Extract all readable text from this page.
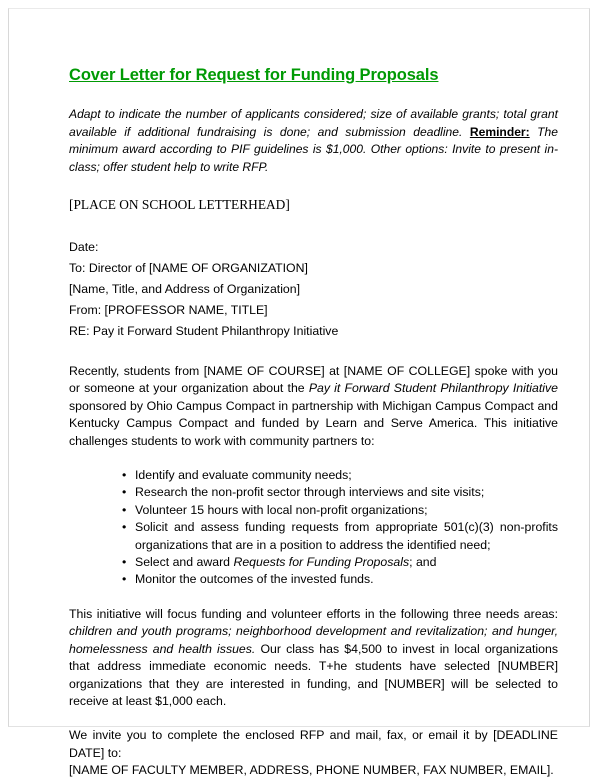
Cover Letter for Request for Funding Proposals

Adapt to indicate the number of applicants considered; size of available grants; total grant available if additional fundraising is done; and submission deadline. Reminder: The minimum award according to PIF guidelines is $1,000. Other options: Invite to present in-class; offer student help to write RFP.

[PLACE ON SCHOOL LETTERHEAD]

Date:

To: Director of [NAME OF ORGANIZATION]

[Name, Title, and Address of Organization]

From: [PROFESSOR NAME, TITLE]

RE: Pay it Forward Student Philanthropy Initiative

Recently, students from [NAME OF COURSE] at [NAME OF COLLEGE] spoke with you or someone at your organization about the Pay it Forward Student Philanthropy Initiative sponsored by Ohio Campus Compact in partnership with Michigan Campus Compact and Kentucky Campus Compact and funded by Learn and Serve America. This initiative challenges students to work with community partners to:

• Identify and evaluate community needs;
• Research the non-profit sector through interviews and site visits;
• Volunteer 15 hours with local non-profit organizations;
• Solicit and assess funding requests from appropriate 501(c)(3) non-profits organizations that are in a position to address the identified need;
• Select and award Requests for Funding Proposals; and
• Monitor the outcomes of the invested funds.

This initiative will focus funding and volunteer efforts in the following three needs areas: children and youth programs; neighborhood development and revitalization; and hunger, homelessness and health issues. Our class has $4,500 to invest in local organizations that address immediate economic needs. T+he students have selected [NUMBER] organizations that they are interested in funding, and [NUMBER] will be selected to receive at least $1,000 each.

We invite you to complete the enclosed RFP and mail, fax, or email it by [DEADLINE DATE] to:
[NAME OF FACULTY MEMBER, ADDRESS, PHONE NUMBER, FAX NUMBER, EMAIL].
